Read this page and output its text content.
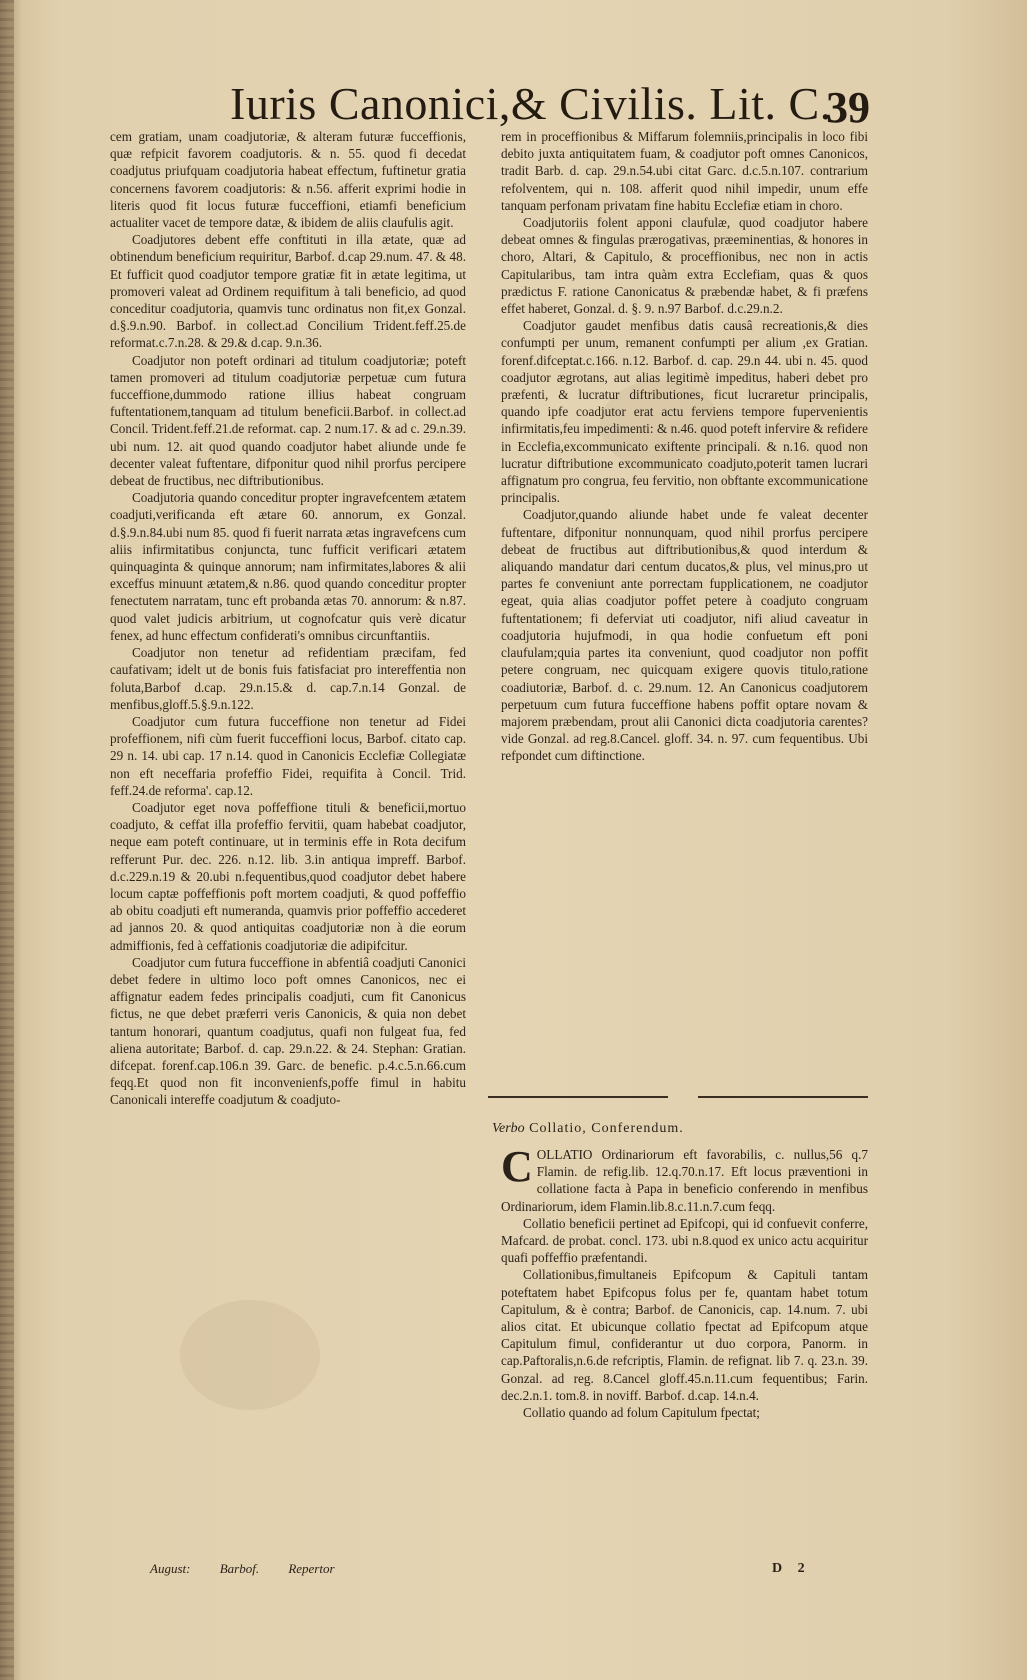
Iuris Canonici,& Civilis. Lit. C.
39

cem gratiam, unam coadjutoriæ, & alteram futuræ fucceffionis, quæ refpicit favorem coadjutoris. & n. 55. quod fi decedat coadjutus priufquam coadjutoria habeat effectum, fuftinetur gratia concernens favorem coadjutoris: & n.56. afferit exprimi hodie in literis quod fit locus futuræ fucceffioni, etiamfi beneficium actualiter vacet de tempore datæ, & ibidem de aliis claufulis agit.

Coadjutores debent effe conftituti in illa ætate, quæ ad obtinendum beneficium requiritur, Barbof. d.cap 29.num. 47. & 48. Et fufficit quod coadjutor tempore gratiæ fit in ætate legitima, ut promoveri valeat ad Ordinem requifitum à tali beneficio, ad quod conceditur coadjutoria, quamvis tunc ordinatus non fit,ex Gonzal. d.§.9.n.90. Barbof. in collect.ad Concilium Trident.feff.25.de reformat.c.7.n.28. & 29.& d.cap. 9.n.36.

Coadjutor non poteft ordinari ad titulum coadjutoriæ; poteft tamen promoveri ad titulum coadjutoriæ perpetuæ cum futura fucceffione,dummodo ratione illius habeat congruam fuftentationem,tanquam ad titulum beneficii.Barbof. in collect.ad Concil. Trident.feff.21.de reformat. cap. 2 num.17. & ad c. 29.n.39. ubi num. 12. ait quod quando coadjutor habet aliunde unde fe decenter valeat fuftentare, difponitur quod nihil prorfus percipere debeat de fructibus, nec diftributionibus.

Coadjutoria quando conceditur propter ingravefcentem ætatem coadjuti,verificanda eft ætare 60. annorum, ex Gonzal. d.§.9.n.84.ubi num 85. quod fi fuerit narrata ætas ingravefcens cum aliis infirmitatibus conjuncta, tunc fufficit verificari ætatem quinquaginta & quinque annorum; nam infirmitates,labores & alii exceffus minuunt ætatem,& n.86. quod quando conceditur propter fenectutem narratam, tunc eft probanda ætas 70. annorum: & n.87. quod valet judicis arbitrium, ut cognofcatur quis verè dicatur fenex, ad hunc effectum confiderati's omnibus circunftantiis.

Coadjutor non tenetur ad refidentiam præcifam, fed caufativam; idelt ut de bonis fuis fatisfaciat pro intereffentia non foluta,Barbof d.cap. 29.n.15.& d. cap.7.n.14 Gonzal. de menfibus,gloff.5.§.9.n.122.

Coadjutor cum futura fucceffione non tenetur ad Fidei profeffionem, nifi cùm fuerit fucceffioni locus, Barbof. citato cap. 29 n. 14. ubi cap. 17 n.14. quod in Canonicis Ecclefiæ Collegiatæ non eft neceffaria profeffio Fidei, requifita à Concil. Trid. feff.24.de reforma'. cap.12.

Coadjutor eget nova poffeffione tituli & beneficii,mortuo coadjuto, & ceffat illa profeffio fervitii, quam habebat coadjutor, neque eam poteft continuare, ut in terminis effe in Rota decifum refferunt Pur. dec. 226. n.12. lib. 3.in antiqua impreff. Barbof. d.c.229.n.19 & 20.ubi n.fequentibus,quod coadjutor debet habere locum captæ poffeffionis poft mortem coadjuti, & quod poffeffio ab obitu coadjuti eft numeranda, quamvis prior poffeffio accederet ad jannos 20. & quod antiquitas coadjutoriæ non à die eorum admiffionis, fed à ceffationis coadjutoriæ die adipifcitur.

Coadjutor cum futura fucceffione in abfentiâ coadjuti Canonici debet federe in ultimo loco poft omnes Canonicos, nec ei affignatur eadem fedes principalis coadjuti, cum fit Canonicus fictus, ne que debet præferri veris Canonicis, & quia non debet tantum honorari, quantum coadjutus, quafi non fulgeat fua, fed aliena autoritate; Barbof. d. cap. 29.n.22. & 24. Stephan: Gratian. difcepat. forenf.cap.106.n 39. Garc. de benefic. p.4.c.5.n.66.cum feqq.Et quod non fit inconvenienfs,poffe fimul in habitu Canonicali intereffe coadjutum & coadjuto-

rem in proceffionibus & Miffarum folemniis,principalis in loco fibi debito juxta antiquitatem fuam, & coadjutor poft omnes Canonicos, tradit Barb. d. cap. 29.n.54.ubi citat Garc. d.c.5.n.107. contrarium refolventem, qui n. 108. afferit quod nihil impedir, unum effe tanquam perfonam privatam fine habitu Ecclefiæ etiam in choro.

Coadjutoriis folent apponi claufulæ, quod coadjutor habere debeat omnes & fingulas prærogativas, præeminentias, & honores in choro, Altari, & Capitulo, & proceffionibus, nec non in actis Capitularibus, tam intra quàm extra Ecclefiam, quas & quos prædictus F. ratione Canonicatus & præbendæ habet, & fi præfens effet haberet, Gonzal. d. §. 9. n.97 Barbof. d.c.29.n.2.

Coadjutor gaudet menfibus datis causâ recreationis,& dies confumpti per unum, remanent confumpti per alium ,ex Gratian. forenf.difceptat.c.166. n.12. Barbof. d. cap. 29.n 44. ubi n. 45. quod coadjutor ægrotans, aut alias legitimè impeditus, haberi debet pro præfenti, & lucratur diftributiones, ficut lucraretur principalis, quando ipfe coadjutor erat actu ferviens tempore fupervenientis infirmitatis,feu impedimenti: & n.46. quod poteft infervire & refidere in Ecclefia,excommunicato exiftente principali. & n.16. quod non lucratur diftributione excommunicato coadjuto,poterit tamen lucrari affignatum pro congrua, feu fervitio, non obftante excommunicatione principalis.

Coadjutor,quando aliunde habet unde fe valeat decenter fuftentare, difponitur nonnunquam, quod nihil prorfus percipere debeat de fructibus aut diftributionibus,& quod interdum & aliquando mandatur dari centum ducatos,& plus, vel minus,pro ut partes fe conveniunt ante porrectam fupplicationem, ne coadjutor egeat, quia alias coadjutor poffet petere à coadjuto congruam fuftentationem; fi deferviat uti coadjutor, nifi aliud caveatur in coadjutoria hujufmodi, in qua hodie confuetum eft poni claufulam;quia partes ita conveniunt, quod coadjutor non poffit petere congruam, nec quicquam exigere quovis titulo,ratione coadiutoriæ, Barbof. d. c. 29.num. 12. An Canonicus coadjutorem perpetuum cum futura fucceffione habens poffit optare novam & majorem præbendam, prout alii Canonici dicta coadjutoria carentes? vide Gonzal. ad reg.8.Cancel. gloff. 34. n. 97. cum fequentibus. Ubi refpondet cum diftinctione.

Verbo Collatio, Conferendum.

COLLATIO Ordinariorum eft favorabilis, c. nullus,56 q.7 Flamin. de refig.lib. 12.q.70.n.17. Eft locus præventioni in collatione facta à Papa in beneficio conferendo in menfibus Ordinariorum, idem Flamin.lib.8.c.11.n.7.cum feqq.

Collatio beneficii pertinet ad Epifcopi, qui id confuevit conferre, Mafcard. de probat. concl. 173. ubi n.8.quod ex unico actu acquiritur quafi poffeffio præfentandi.

Collationibus,fimultaneis Epifcopum & Capituli tantam poteftatem habet Epifcopus folus per fe, quantam habet totum Capitulum, & è contra; Barbof. de Canonicis, cap. 14.num. 7. ubi alios citat. Et ubicunque collatio fpectat ad Epifcopum atque Capitulum fimul, confiderantur ut duo corpora, Panorm. in cap.Paftoralis,n.6.de refcriptis, Flamin. de refignat. lib 7. q. 23.n. 39. Gonzal. ad reg. 8.Cancel gloff.45.n.11.cum fequentibus; Farin. dec.2.n.1. tom.8. in noviff. Barbof. d.cap. 14.n.4.

Collatio quando ad folum Capitulum fpectat;

August: Barbof. Repertor	D 2
